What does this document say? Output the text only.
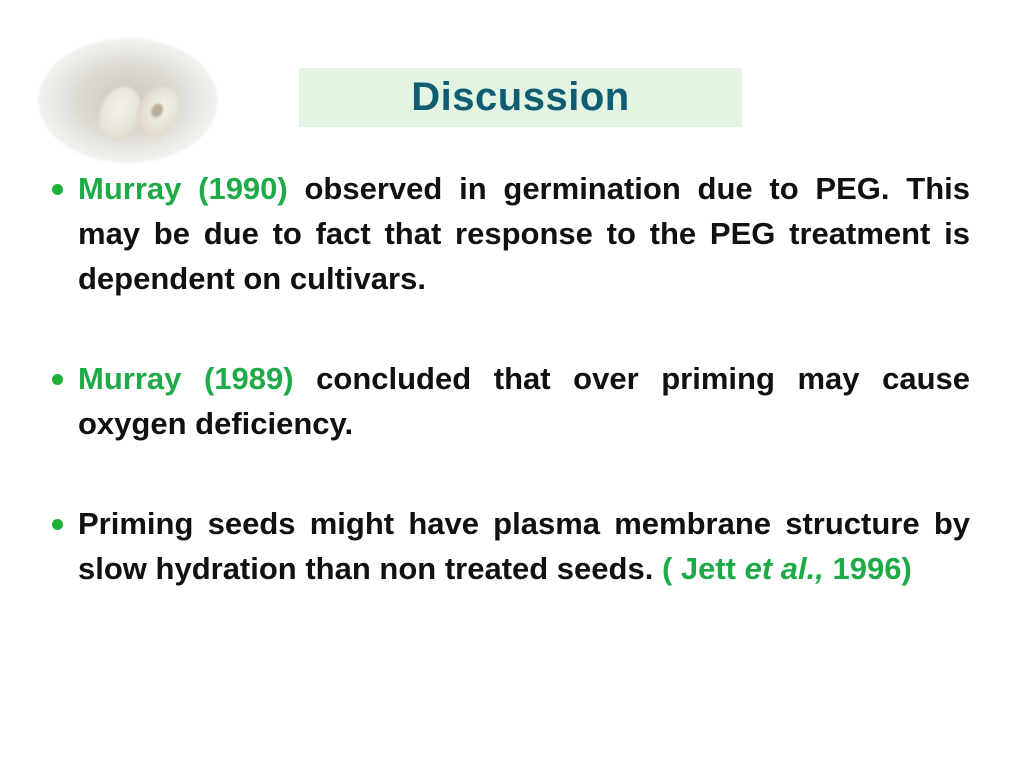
Discussion
Murray (1990) observed in germination due to PEG. This may be due to fact that response to the PEG treatment is dependent on cultivars.
Murray (1989) concluded that over priming may cause oxygen deficiency.
Priming seeds might have plasma membrane structure by slow hydration than non treated seeds. ( Jett et al., 1996)
